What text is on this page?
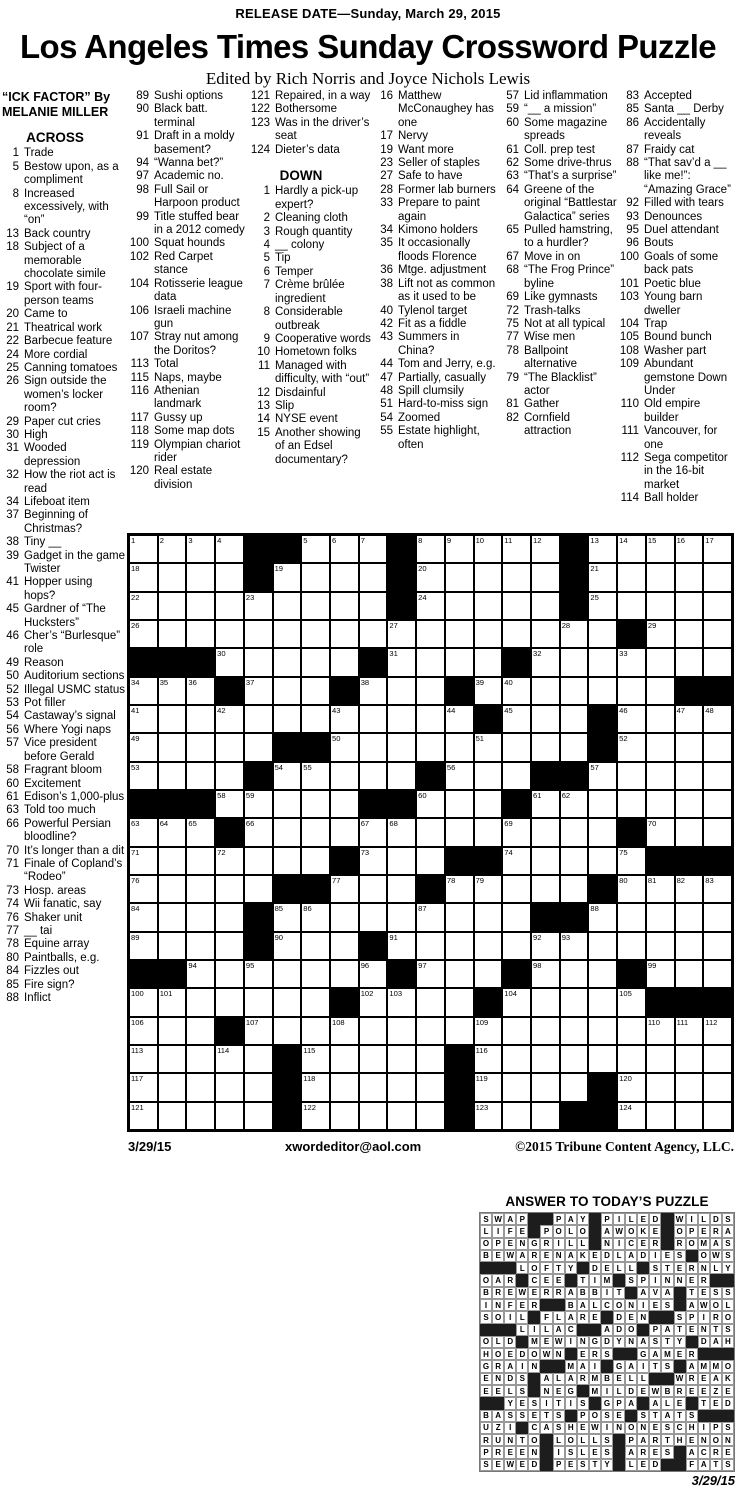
RELEASE DATE—Sunday, March 29, 2015
Los Angeles Times Sunday Crossword Puzzle
Edited by Rich Norris and Joyce Nichols Lewis
“ICK FACTOR” By
MELANIE MILLER
ACROSS
1 Trade
5 Bestow upon, as a compliment
8 Increased excessively, with “on”
13 Back country
18 Subject of a memorable chocolate simile
19 Sport with four-person teams
20 Came to
21 Theatrical work
22 Barbecue feature
24 More cordial
25 Canning tomatoes
26 Sign outside the women’s locker room?
29 Paper cut cries
30 High
31 Wooded depression
32 How the riot act is read
34 Lifeboat item
37 Beginning of Christmas?
38 Tiny __
39 Gadget in the game Twister
41 Hopper using hops?
45 Gardner of “The Hucksters”
46 Cher’s “Burlesque” role
49 Reason
50 Auditorium sections
52 Illegal USMC status
53 Pot filler
54 Castaway’s signal
56 Where Yogi naps
57 Vice president before Gerald
58 Fragrant bloom
60 Excitement
61 Edison’s 1,000-plus
63 Told too much
66 Powerful Persian bloodline?
70 It’s longer than a dit
71 Finale of Copland’s “Rodeo”
73 Hosp. areas
74 Wii fanatic, say
76 Shaker unit
77 __ tai
78 Equine array
80 Paintballs, e.g.
84 Fizzles out
85 Fire sign?
88 Inflict
89 Sushi options
90 Black batt. terminal
91 Draft in a moldy basement?
94 “Wanna bet?”
97 Academic no.
98 Full Sail or Harpoon product
99 Title stuffed bear in a 2012 comedy
100 Squat hounds
102 Red Carpet stance
104 Rotisserie league data
106 Israeli machine gun
107 Stray nut among the Doritos?
113 Total
115 Naps, maybe
116 Athenian landmark
117 Gussy up
118 Some map dots
119 Olympian chariot rider
120 Real estate division
121 Repaired, in a way
122 Bothersome
123 Was in the driver’s seat
124 Dieter’s data
DOWN
1 Hardly a pick-up expert?
2 Cleaning cloth
3 Rough quantity
4 __ colony
5 Tip
6 Temper
7 Crème brûlée ingredient
8 Considerable outbreak
9 Cooperative words
10 Hometown folks
11 Managed with difficulty, with “out”
12 Disdainful
13 Slip
14 NYSE event
15 Another showing of an Edsel documentary?
16 Matthew McConaughey has one
17 Nervy
19 Want more
23 Seller of staples
27 Safe to have
28 Former lab burners
33 Prepare to paint again
34 Kimono holders
35 It occasionally floods Florence
36 Mtge. adjustment
38 Lift not as common as it used to be
40 Tylenol target
42 Fit as a fiddle
43 Summers in China?
44 Tom and Jerry, e.g.
47 Partially, casually
48 Spill clumsily
51 Hard-to-miss sign
54 Zoomed
55 Estate highlight, often
57 Lid inflammation
59 “__ a mission”
60 Some magazine spreads
61 Coll. prep test
62 Some drive-thrus
63 “That’s a surprise”
64 Greene of the original “Battlestar Galactica” series
65 Pulled hamstring, to a hurdler?
67 Move in on
68 “The Frog Prince” byline
69 Like gymnasts
72 Trash-talks
75 Not at all typical
77 Wise men
78 Ballpoint alternative
79 “The Blacklist” actor
81 Gather
82 Cornfield attraction
83 Accepted
85 Santa __ Derby
86 Accidentally reveals
87 Fraidy cat
88 “That sav’d a __ like me!”: “Amazing Grace”
92 Filled with tears
93 Denounces
95 Duel attendant
96 Bouts
100 Goals of some back pats
101 Poetic blue
103 Young barn dweller
104 Trap
105 Bound bunch
108 Washer part
109 Abundant gemstone Down Under
110 Old empire builder
111 Vancouver, for one
112 Sega competitor in the 16-bit market
114 Ball holder
1	2	3	4	5	6	7	8	9	10	11	12	13	14	15	16	17
18	19	20	21
22	23	24	25
26	27	28	29
30	31	32	33
34	35	36	37	38	39	40
41	42	43	44	45	46	47	48
49	50	51	52
53	54	55	56	57
58	59	60	61	62
63	64	65	66	67	68	69	70
71	72	73	74	75
76	77	78	79	80	81	82	83
84	85	86	87	88
89	90	91	92	93
94	95	96	97	98	99
100 101	102 103	104	105
106	107	108	109	110 111 112
113	114	115	116
117	118	119	120
121	122	123	124
3/29/15	xwordeditor@aol.com	©2015 Tribune Content Agency, LLC.
ANSWER TO TODAY’S PUZZLE
S W A P	P A Y	P	I	L E D	W I	L D S
L	I	F E	P O L O	A W O K E	O P E R A
O P E N G R	I	L L	N	I	C E R	R O M A S
B E W A R E N A K E D L A D	I	E S	O W S
L O F T Y	D E L L	S T E R N L Y
O A R	C E E	T	I M	S P	I	N N E R
B R E W E R R A B B	I	T	A V A	T E S S
I	N F E R	B A L C O N	I	E S	A W O L
S O I	L	F L A R E	D E N	S P	I	R O
L	I	L A C	A D O	P A T E N T S
O L D	M E W I	N G D Y N A S T Y	D A H
H O E D O W N	E R S	G A M E R
G R A	I	N	M A	I	G A	I	T S	A M M O
E N D S	A L A R M B E L L	W R E A K
E E L S	N E G	M I	L D E W B R E E Z E
Y E S	I	T	I	S	G P A	A L E	T E D
B A S S E T S	P O S E	S T A T S
U Z	I	C A S H E W I	N O N E S C H	I	P S
R U N T O	L O L L S	P A R T H E N O N
P R E E N	I	S L E S	A R E S	A C R E
S E W E D	P E S T Y	L E D	F A T S
3/29/15
